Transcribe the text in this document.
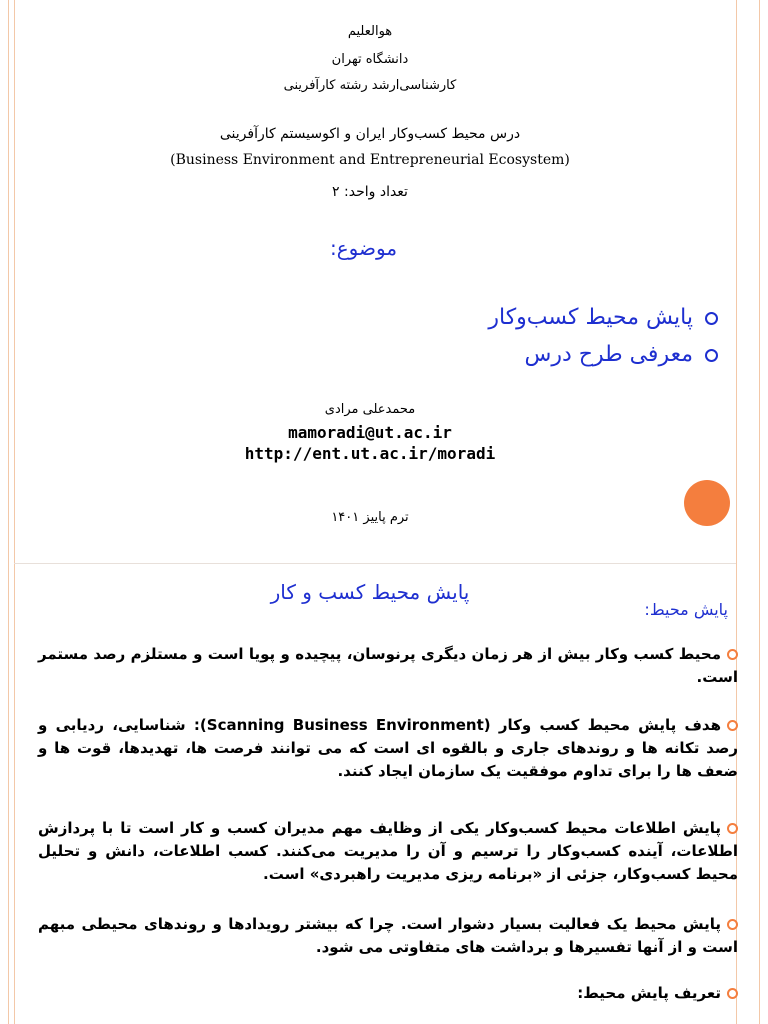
هوالعلیم
دانشگاه تهران
کارشناسی‌ارشد رشته کارآفرینی
درس محیط کسب‌وکار ایران و اکوسیستم کارآفرینی
(Business Environment and Entrepreneurial Ecosystem)
تعداد واحد: ۲
موضوع:
پایش محیط کسب‌وکار
معرفی طرح درس
محمدعلی مرادی
mamoradi@ut.ac.ir
http://ent.ut.ac.ir/moradi
ترم پاییز ۱۴۰۱
پایش محیط کسب و کار
پایش محیط:
محیط کسب وکار بیش از هر زمان دیگری پرنوسان، پیچیده و پویا است و مستلزم رصد مستمر است.
هدف پایش محیط کسب وکار (Scanning Business Environment): شناسایی، ردیابی و رصد تکانه ها و روندهای جاری و بالقوه ای است که می توانند فرصت ها، تهدیدها، قوت ها و ضعف ها را برای تداوم موفقیت یک سازمان ایجاد کنند.
پایش اطلاعات محیط کسب‌وکار یکی از وظایف مهم مدیران کسب و کار است تا با پردازش اطلاعات، آینده کسب‌وکار را ترسیم و آن را مدیریت می‌کنند. کسب اطلاعات، دانش و تحلیل محیط کسب‌وکار، جزئی از «برنامه ریزی مدیریت راهبردی» است.
پایش محیط یک فعالیت بسیار دشوار است. چرا که بیشتر رویدادها و روندهای محیطی مبهم است و از آنها تفسیرها و برداشت های متفاوتی می شود.
تعریف پایش محیط:
